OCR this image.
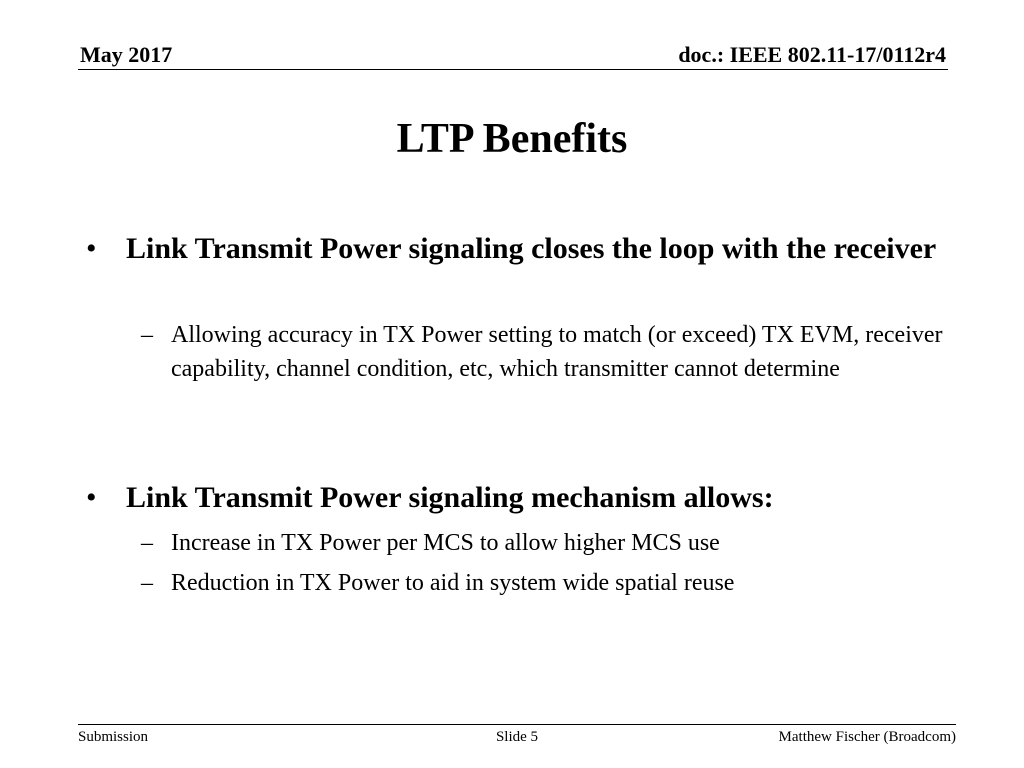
May 2017	doc.: IEEE 802.11-17/0112r4
LTP Benefits
• Link Transmit Power signaling closes the loop with the receiver
– Allowing accuracy in TX Power setting to match (or exceed) TX EVM, receiver capability, channel condition, etc, which transmitter cannot determine
• Link Transmit Power signaling mechanism allows:
– Increase in TX Power per MCS to allow higher MCS use
– Reduction in TX Power to aid in system wide spatial reuse
Submission	Slide 5	Matthew Fischer (Broadcom)
